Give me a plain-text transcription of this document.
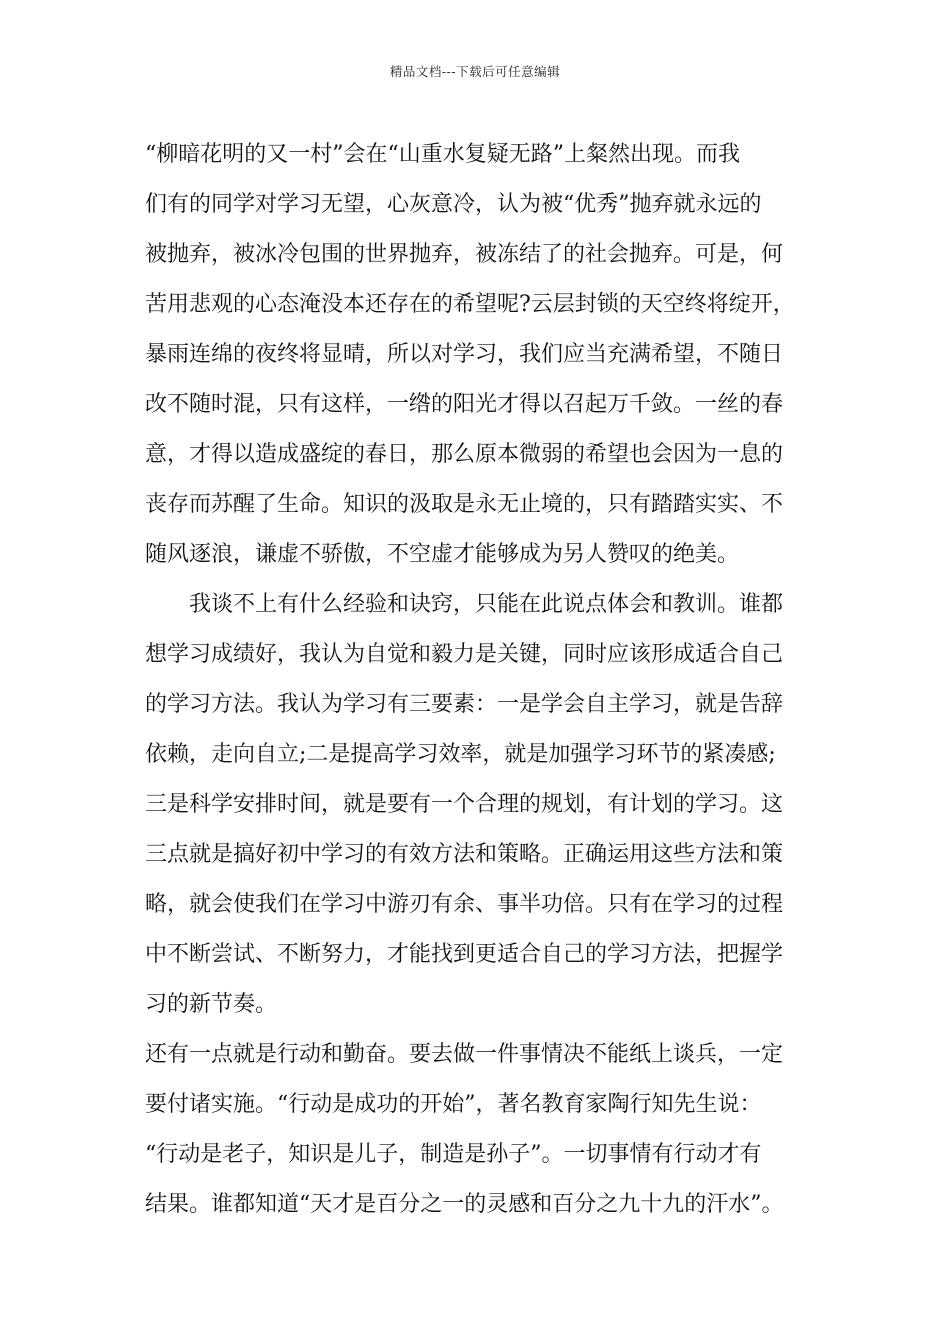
精品文档---下载后可任意编辑
“柳暗花明的又一村”会在“山重水复疑无路”上粲然出现。而我
们有的同学对学习无望，心灰意冷，认为被“优秀”抛弃就永远的
被抛弃，被冰冷包围的世界抛弃，被冻结了的社会抛弃。可是，何
苦用悲观的心态淹没本还存在的希望呢?云层封锁的天空终将绽开，
暴雨连绵的夜终将显晴，所以对学习，我们应当充满希望，不随日
改不随时混，只有这样，一绺的阳光才得以召起万千敛。一丝的春
意，才得以造成盛绽的春日，那么原本微弱的希望也会因为一息的
丧存而苏醒了生命。知识的汲取是永无止境的，只有踏踏实实、不
随风逐浪，谦虚不骄傲，不空虚才能够成为另人赞叹的绝美。
我谈不上有什么经验和诀窍，只能在此说点体会和教训。谁都
想学习成绩好，我认为自觉和毅力是关键，同时应该形成适合自己
的学习方法。我认为学习有三要素：一是学会自主学习，就是告辞
依赖，走向自立;二是提高学习效率，就是加强学习环节的紧凑感;
三是科学安排时间，就是要有一个合理的规划，有计划的学习。这
三点就是搞好初中学习的有效方法和策略。正确运用这些方法和策
略，就会使我们在学习中游刃有余、事半功倍。只有在学习的过程
中不断尝试、不断努力，才能找到更适合自己的学习方法，把握学
习的新节奏。
还有一点就是行动和勤奋。要去做一件事情决不能纸上谈兵，一定
要付诸实施。“行动是成功的开始”，著名教育家陶行知先生说：
“行动是老子，知识是儿子，制造是孙子”。一切事情有行动才有
结果。谁都知道“天才是百分之一的灵感和百分之九十九的汗水”。
